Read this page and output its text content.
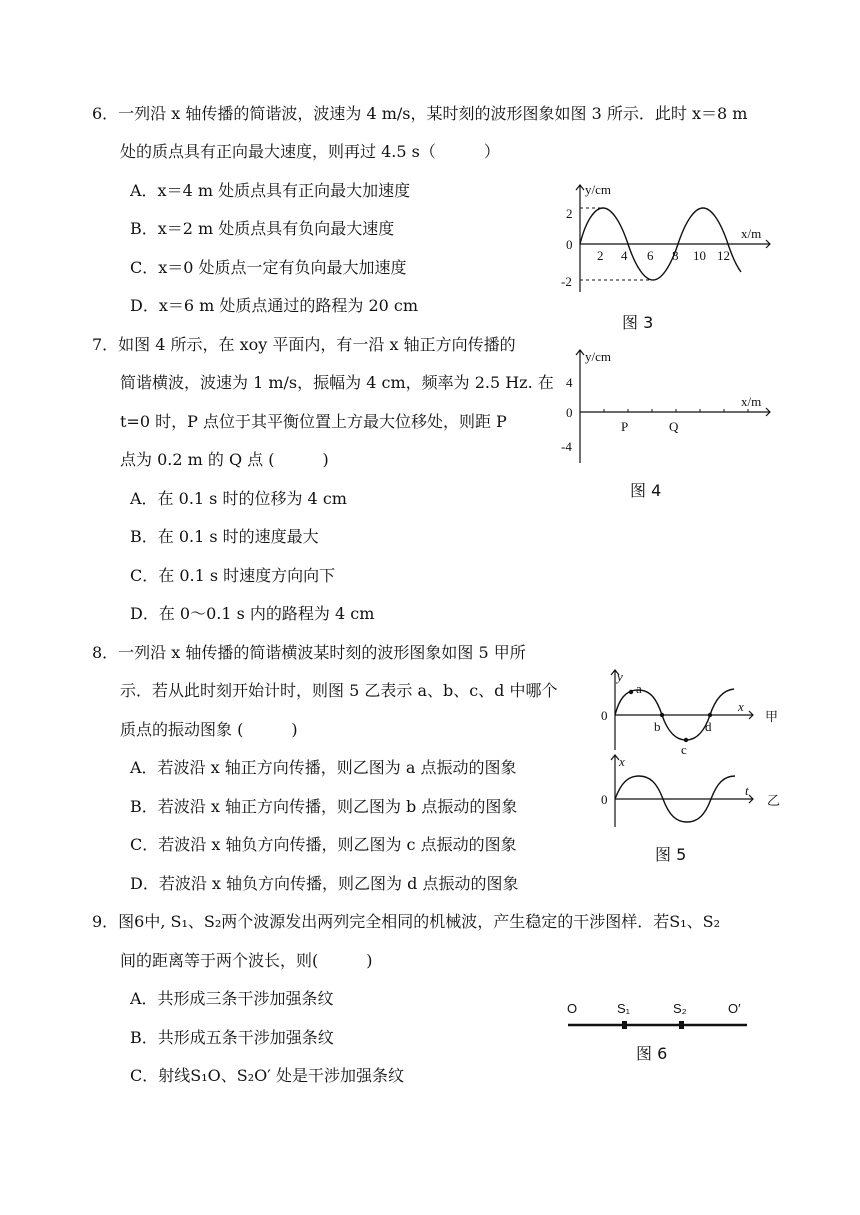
6．一列沿 x 轴传播的简谐波，波速为 4 m/s，某时刻的波形图象如图 3 所示．此时 x＝8 m
处的质点具有正向最大速度，则再过 4.5 s（　　　）
A．x＝4 m 处质点具有正向最大加速度
B．x＝2 m 处质点具有负向最大速度
C．x＝0 处质点一定有负向最大加速度
D．x＝6 m 处质点通过的路程为 20 cm
7．如图 4 所示，在 xoy 平面内，有一沿 x 轴正方向传播的
简谐横波，波速为 1 m/s，振幅为 4 cm，频率为 2.5 Hz. 在
t=0 时，P 点位于其平衡位置上方最大位移处，则距 P
点为 0.2 m 的 Q 点 (　　　)
A．在 0.1 s 时的位移为 4 cm
B．在 0.1 s 时的速度最大
C．在 0.1 s 时速度方向向下
D．在 0～0.1 s 内的路程为 4 cm
8．一列沿 x 轴传播的简谐横波某时刻的波形图象如图 5 甲所
示．若从此时刻开始计时，则图 5 乙表示 a、b、c、d 中哪个
质点的振动图象 (　　　)
A．若波沿 x 轴正方向传播，则乙图为 a 点振动的图象
B．若波沿 x 轴正方向传播，则乙图为 b 点振动的图象
C．若波沿 x 轴负方向传播，则乙图为 c 点振动的图象
D．若波沿 x 轴负方向传播，则乙图为 d 点振动的图象
9．图6中, S₁、S₂两个波源发出两列完全相同的机械波，产生稳定的干涉图样．若S₁、S₂
间的距离等于两个波长，则(　　　)
A．共形成三条干涉加强条纹
B．共形成五条干涉加强条纹
C．射线S₁O、S₂O′ 处是干涉加强条纹
y/cm
x/m
0
2
-2
2 4 6 8 10 12
图 3
y/cm
x/m
0
4
-4
P	Q
图 4
y
x
0	甲
a
b
c
d
x
t
0	乙
图 5
O	S₁	S₂	O′
图 6
